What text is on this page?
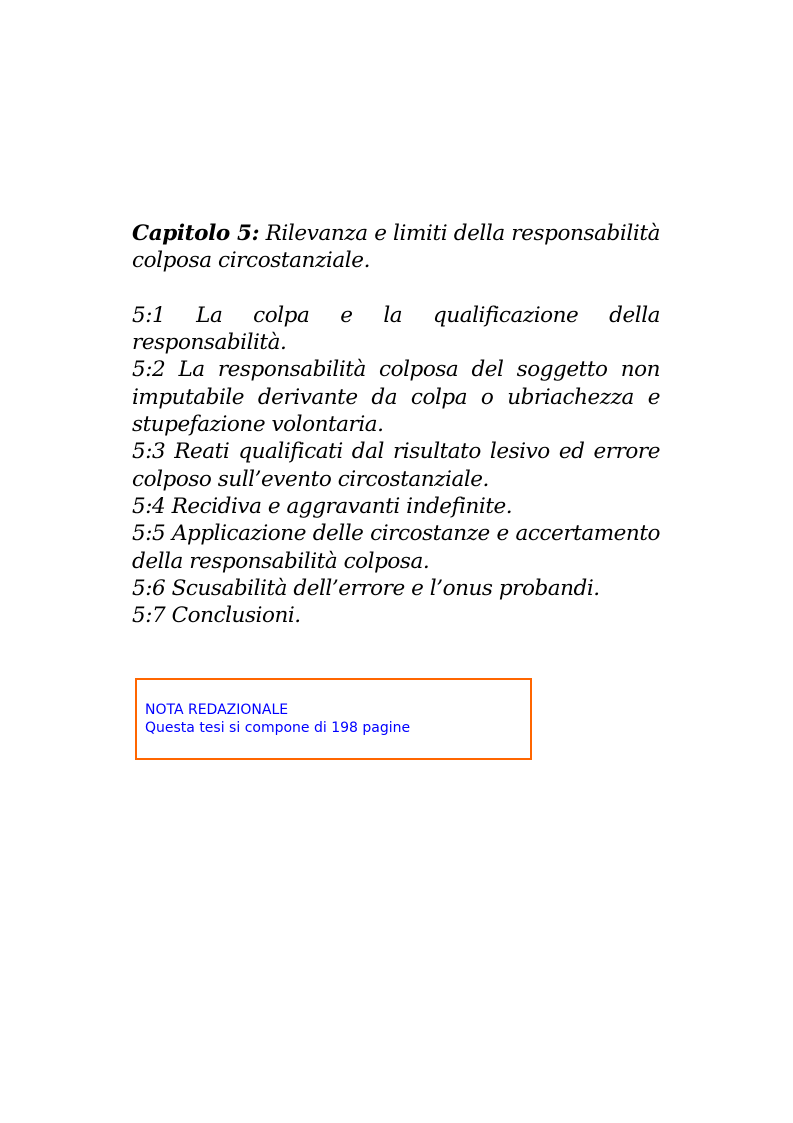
Capitolo 5: Rilevanza e limiti della responsabilità colposa circostanziale.

5:1 La colpa e la qualificazione della responsabilità.

5:2 La responsabilità colposa del soggetto non imputabile derivante da colpa o ubriachezza e stupefazione volontaria.

5:3 Reati qualificati dal risultato lesivo ed errore colposo sull’evento circostanziale.

5:4 Recidiva e aggravanti indefinite.

5:5 Applicazione delle circostanze e accertamento della responsabilità colposa.

5:6 Scusabilità dell’errore e l’onus probandi.

5:7 Conclusioni.

NOTA REDAZIONALE
Questa tesi si compone di 198 pagine
